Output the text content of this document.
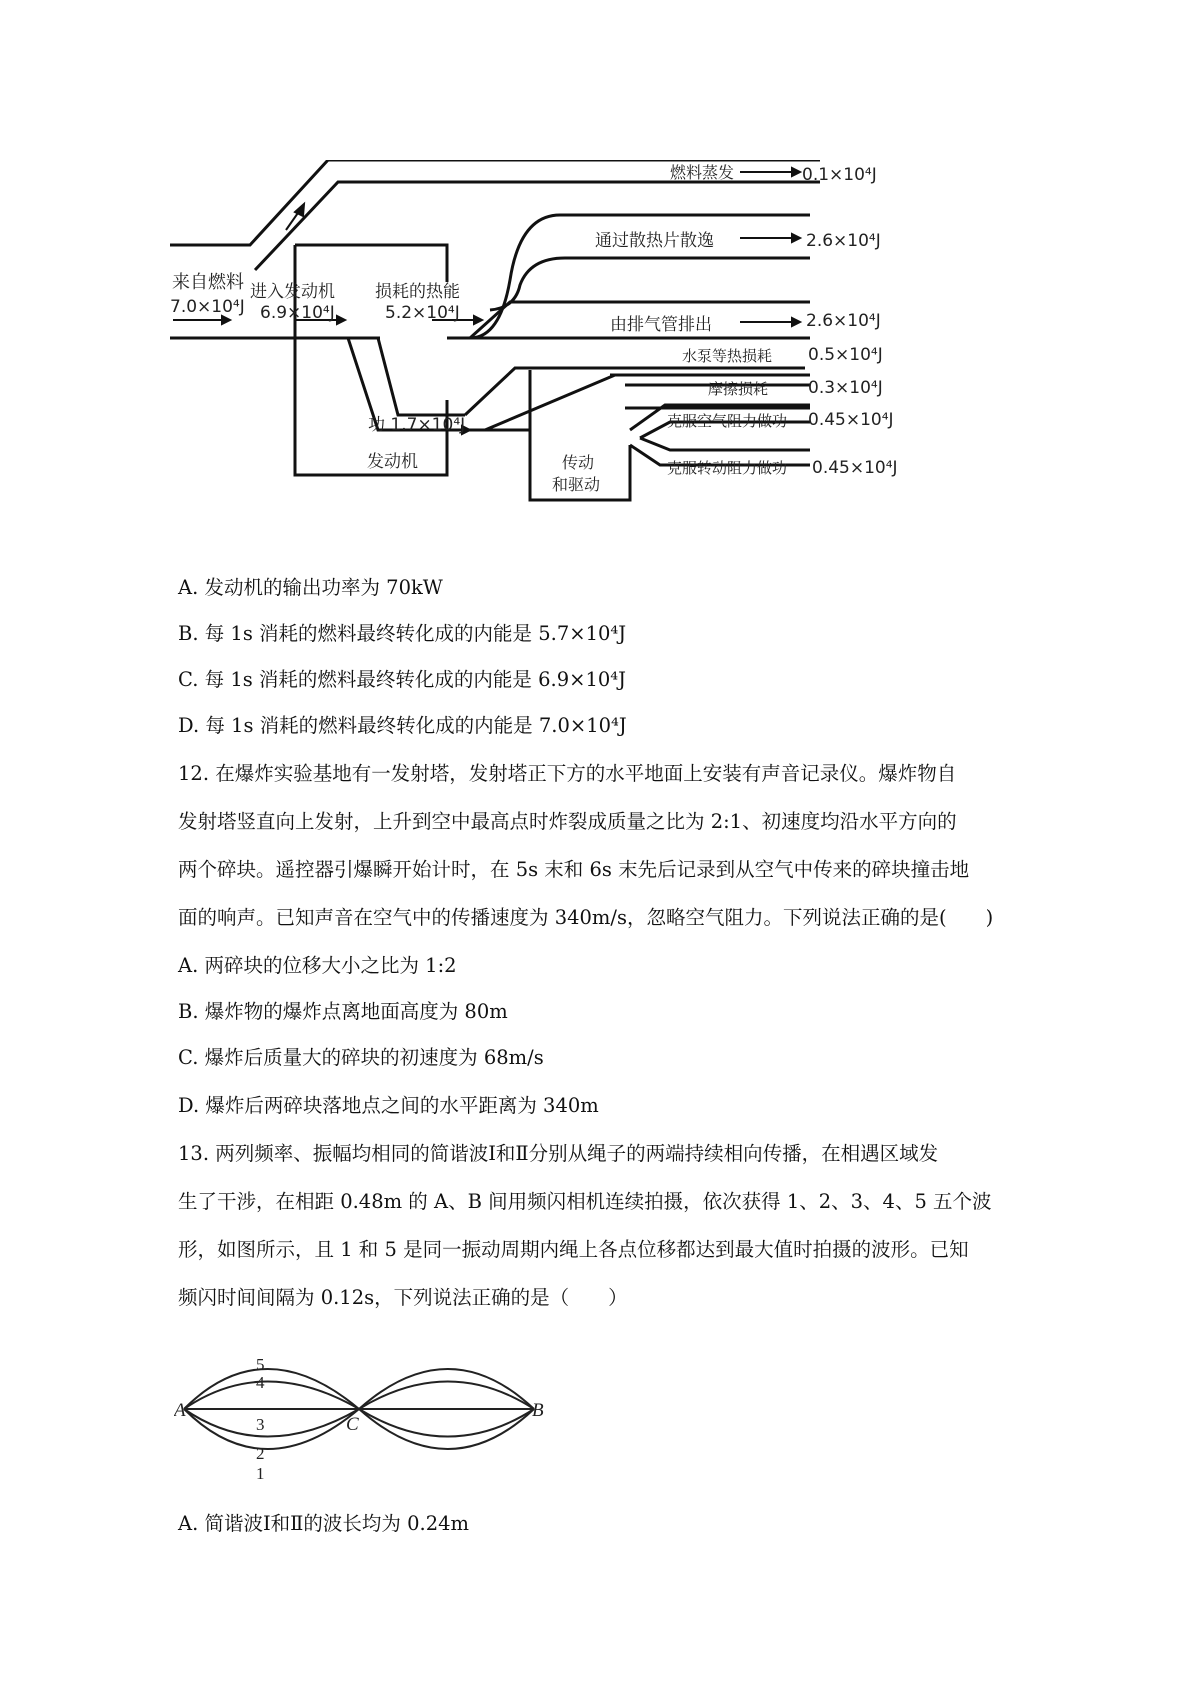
来自燃料
7.0×10⁴J
进入发动机
6.9×10⁴J
损耗的热能
5.2×10⁴J
功 1.7×10⁴J
发动机	传动
和驱动
燃料蒸发	0.1×10⁴J
通过散热片散逸	2.6×10⁴J
由排气管排出	2.6×10⁴J
水泵等热损耗 0.5×10⁴J
摩擦损耗 0.3×10⁴J
克服空气阻力做功 0.45×10⁴J
克服转动阻力做功 0.45×10⁴J
A. 发动机的输出功率为 70kW
B. 每 1s 消耗的燃料最终转化成的内能是 5.7×10⁴J
C. 每 1s 消耗的燃料最终转化成的内能是 6.9×10⁴J
D. 每 1s 消耗的燃料最终转化成的内能是 7.0×10⁴J
12. 在爆炸实验基地有一发射塔，发射塔正下方的水平地面上安装有声音记录仪。爆炸物自
发射塔竖直向上发射，上升到空中最高点时炸裂成质量之比为 2:1、初速度均沿水平方向的
两个碎块。遥控器引爆瞬开始计时，在 5s 末和 6s 末先后记录到从空气中传来的碎块撞击地
面的响声。已知声音在空气中的传播速度为 340m/s，忽略空气阻力。下列说法正确的是(　　)
A. 两碎块的位移大小之比为 1:2
B. 爆炸物的爆炸点离地面高度为 80m
C. 爆炸后质量大的碎块的初速度为 68m/s
D. 爆炸后两碎块落地点之间的水平距离为 340m
13. 两列频率、振幅均相同的简谐波Ⅰ和Ⅱ分别从绳子的两端持续相向传播，在相遇区域发
生了干涉，在相距 0.48m 的 A、B 间用频闪相机连续拍摄，依次获得 1、2、3、4、5 五个波
形，如图所示，且 1 和 5 是同一振动周期内绳上各点位移都达到最大值时拍摄的波形。已知
频闪时间间隔为 0.12s，下列说法正确的是（　　）
A	B
C
1
2
3
4
5
A. 简谐波Ⅰ和Ⅱ的波长均为 0.24m
